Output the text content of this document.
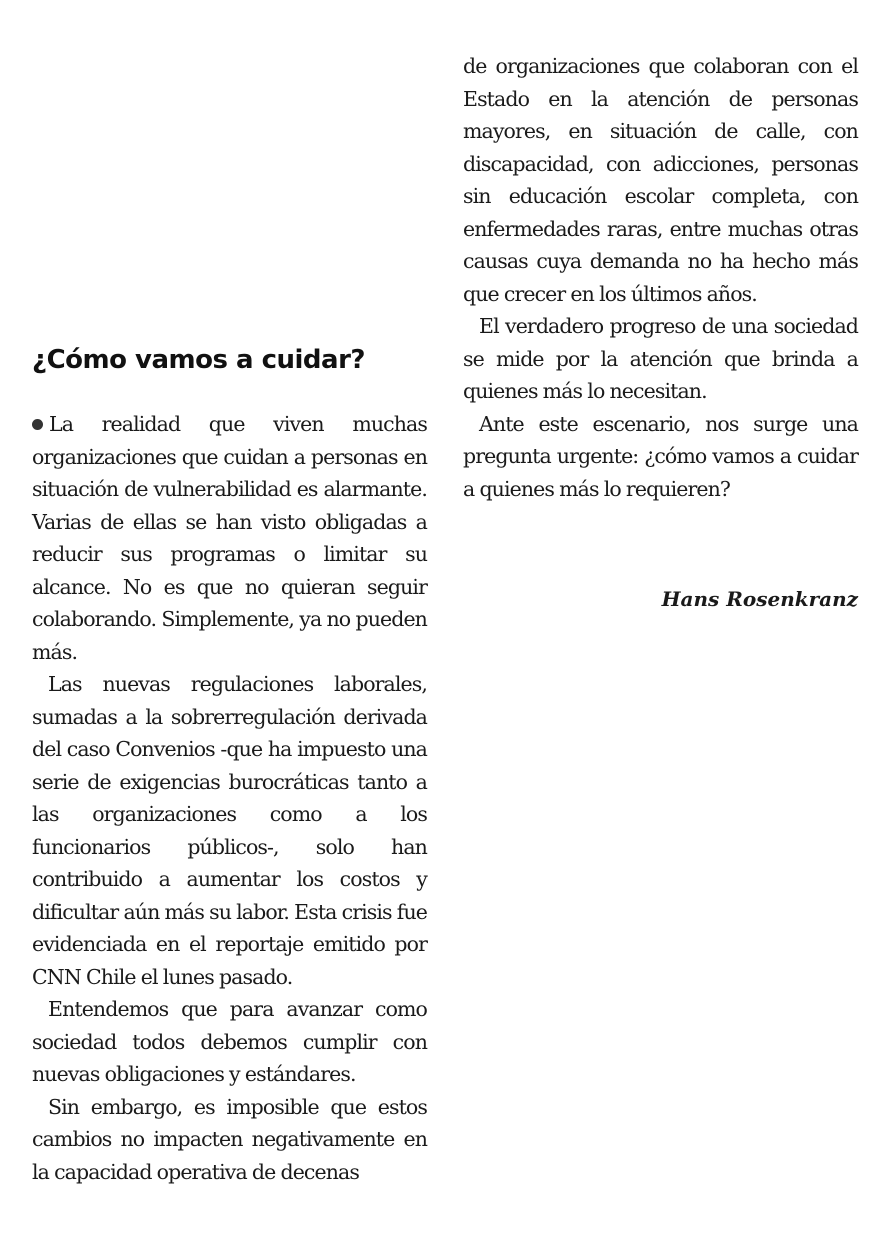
¿Cómo vamos a cuidar?

La realidad que viven muchas organizaciones que cuidan a personas en situación de vulnerabilidad es alarmante. Varias de ellas se han visto obligadas a reducir sus programas o limitar su alcance. No es que no quieran seguir colaborando. Simplemente, ya no pueden más.

Las nuevas regulaciones laborales, sumadas a la sobrerregulación derivada del caso Convenios -que ha impuesto una serie de exigencias burocráticas tanto a las organizaciones como a los funcionarios públicos-, solo han contribuido a aumentar los costos y dificultar aún más su labor. Esta crisis fue evidenciada en el reportaje emitido por CNN Chile el lunes pasado.

Entendemos que para avanzar como sociedad todos debemos cumplir con nuevas obligaciones y estándares.

Sin embargo, es imposible que estos cambios no impacten negativamente en la capacidad operativa de decenas

de organizaciones que colaboran con el Estado en la atención de personas mayores, en situación de calle, con discapacidad, con adicciones, personas sin educación escolar completa, con enfermedades raras, entre muchas otras causas cuya demanda no ha hecho más que crecer en los últimos años.

El verdadero progreso de una sociedad se mide por la atención que brinda a quienes más lo necesitan.

Ante este escenario, nos surge una pregunta urgente: ¿cómo vamos a cuidar a quienes más lo requieren?

Hans Rosenkranz
